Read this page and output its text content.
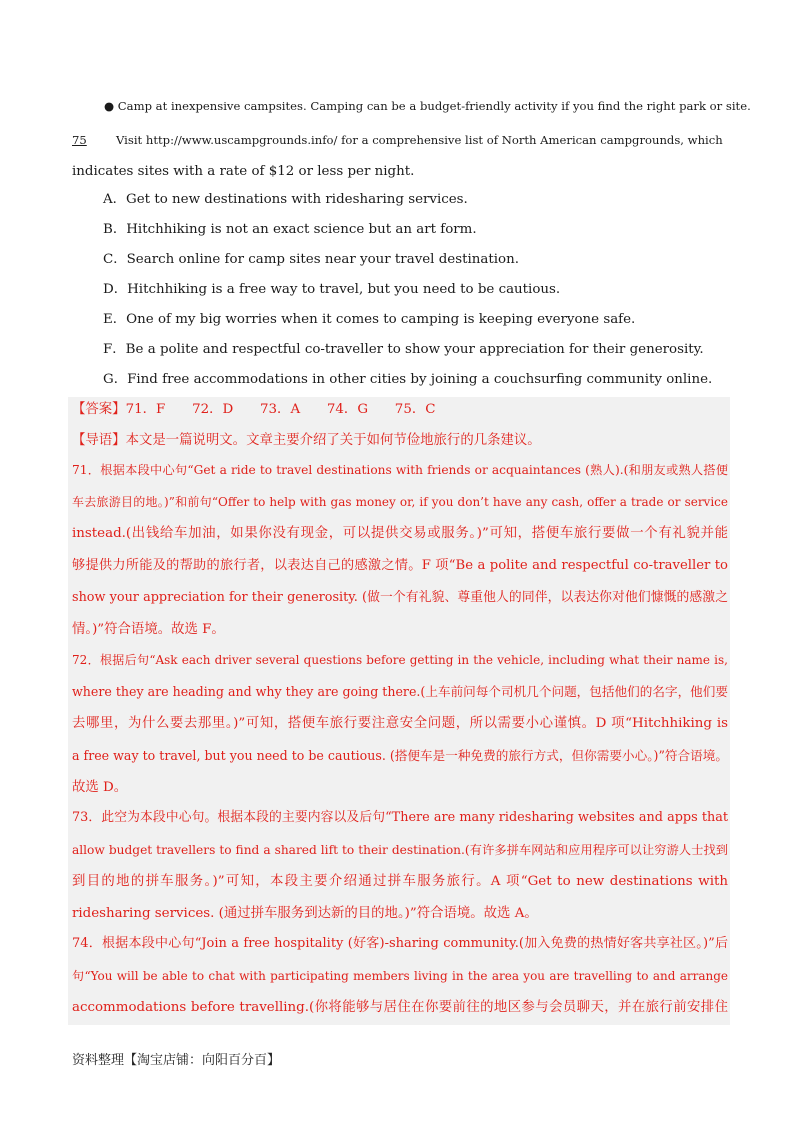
● Camp at inexpensive campsites. Camping can be a budget-friendly activity if you find the right park or site.
75	Visit http://www.uscampgrounds.info/ for a comprehensive list of North American campgrounds, which
indicates sites with a rate of $12 or less per night.
A．Get to new destinations with ridesharing services.
B．Hitchhiking is not an exact science but an art form.
C．Search online for camp sites near your travel destination.
D．Hitchhiking is a free way to travel, but you need to be cautious.
E．One of my big worries when it comes to camping is keeping everyone safe.
F．Be a polite and respectful co-traveller to show your appreciation for their generosity.
G．Find free accommodations in other cities by joining a couchsurfing community online.
【答案】71．F　　72．D　　73．A　　74．G　　75．C
【导语】本文是一篇说明文。文章主要介绍了关于如何节俭地旅行的几条建议。
71．根据本段中心句“Get a ride to travel destinations with friends or acquaintances (熟人).(和朋友或熟人搭便
车去旅游目的地。)”和前句“Offer to help with gas money or, if you don’t have any cash, offer a trade or service
instead.(出钱给车加油，如果你没有现金，可以提供交易或服务。)”可知，搭便车旅行要做一个有礼貌并能
够提供力所能及的帮助的旅行者，以表达自己的感激之情。F 项“Be a polite and respectful co-traveller to
show your appreciation for their generosity. (做一个有礼貌、尊重他人的同伴，以表达你对他们慷慨的感激之
情。)”符合语境。故选 F。
72．根据后句“Ask each driver several questions before getting in the vehicle, including what their name is,
where they are heading and why they are going there.(上车前问每个司机几个问题，包括他们的名字，他们要
去哪里，为什么要去那里。)”可知，搭便车旅行要注意安全问题，所以需要小心谨慎。D 项“Hitchhiking is
a free way to travel, but you need to be cautious. (搭便车是一种免费的旅行方式，但你需要小心。)”符合语境。
故选 D。
73．此空为本段中心句。根据本段的主要内容以及后句“There are many ridesharing websites and apps that
allow budget travellers to find a shared lift to their destination.(有许多拼车网站和应用程序可以让穷游人士找到
到目的地的拼车服务。)”可知，本段主要介绍通过拼车服务旅行。A 项“Get to new destinations with
ridesharing services. (通过拼车服务到达新的目的地。)”符合语境。故选 A。
74．根据本段中心句“Join a free hospitality (好客)-sharing community.(加入免费的热情好客共享社区。)”后
句“You will be able to chat with participating members living in the area you are travelling to and arrange
accommodations before travelling.(你将能够与居住在你要前往的地区参与会员聊天，并在旅行前安排住
资料整理【淘宝店铺：向阳百分百】
